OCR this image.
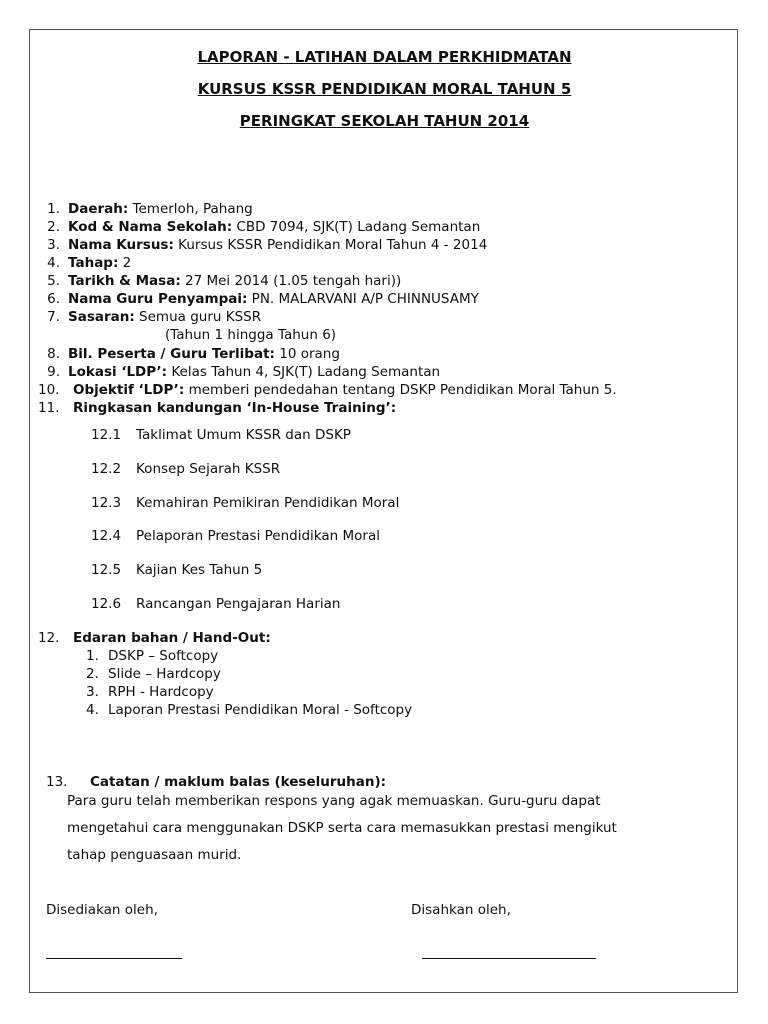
LAPORAN - LATIHAN DALAM PERKHIDMATAN
KURSUS KSSR PENDIDIKAN MORAL TAHUN 5
PERINGKAT SEKOLAH TAHUN 2014
1. Daerah: Temerloh, Pahang
2. Kod & Nama Sekolah: CBD 7094, SJK(T) Ladang Semantan
3. Nama Kursus: Kursus KSSR Pendidikan Moral Tahun 4 - 2014
4. Tahap: 2
5. Tarikh & Masa: 27 Mei 2014 (1.05 tengah hari))
6. Nama Guru Penyampai: PN. MALARVANI A/P CHINNUSAMY
7. Sasaran: Semua guru KSSR
(Tahun 1 hingga Tahun 6)
8. Bil. Peserta / Guru Terlibat: 10 orang
9. Lokasi ‘LDP’: Kelas Tahun 4, SJK(T) Ladang Semantan
10.	Objektif ‘LDP’: memberi pendedahan tentang DSKP Pendidikan Moral Tahun 5.
11.	Ringkasan kandungan ‘In-House Training’:
12.1 Taklimat Umum KSSR dan DSKP
12.2 Konsep Sejarah KSSR
12.3 Kemahiran Pemikiran Pendidikan Moral
12.4 Pelaporan Prestasi Pendidikan Moral
12.5 Kajian Kes Tahun 5
12.6 Rancangan Pengajaran Harian
12.	Edaran bahan / Hand-Out:
1. DSKP – Softcopy
2. Slide – Hardcopy
3. RPH - Hardcopy
4. Laporan Prestasi Pendidikan Moral - Softcopy
13. Catatan / maklum balas (keseluruhan):
Para guru telah memberikan respons yang agak memuaskan. Guru-guru dapat
mengetahui cara menggunakan DSKP serta cara memasukkan prestasi mengikut
tahap penguasaan murid.
Disediakan oleh,	Disahkan oleh,
